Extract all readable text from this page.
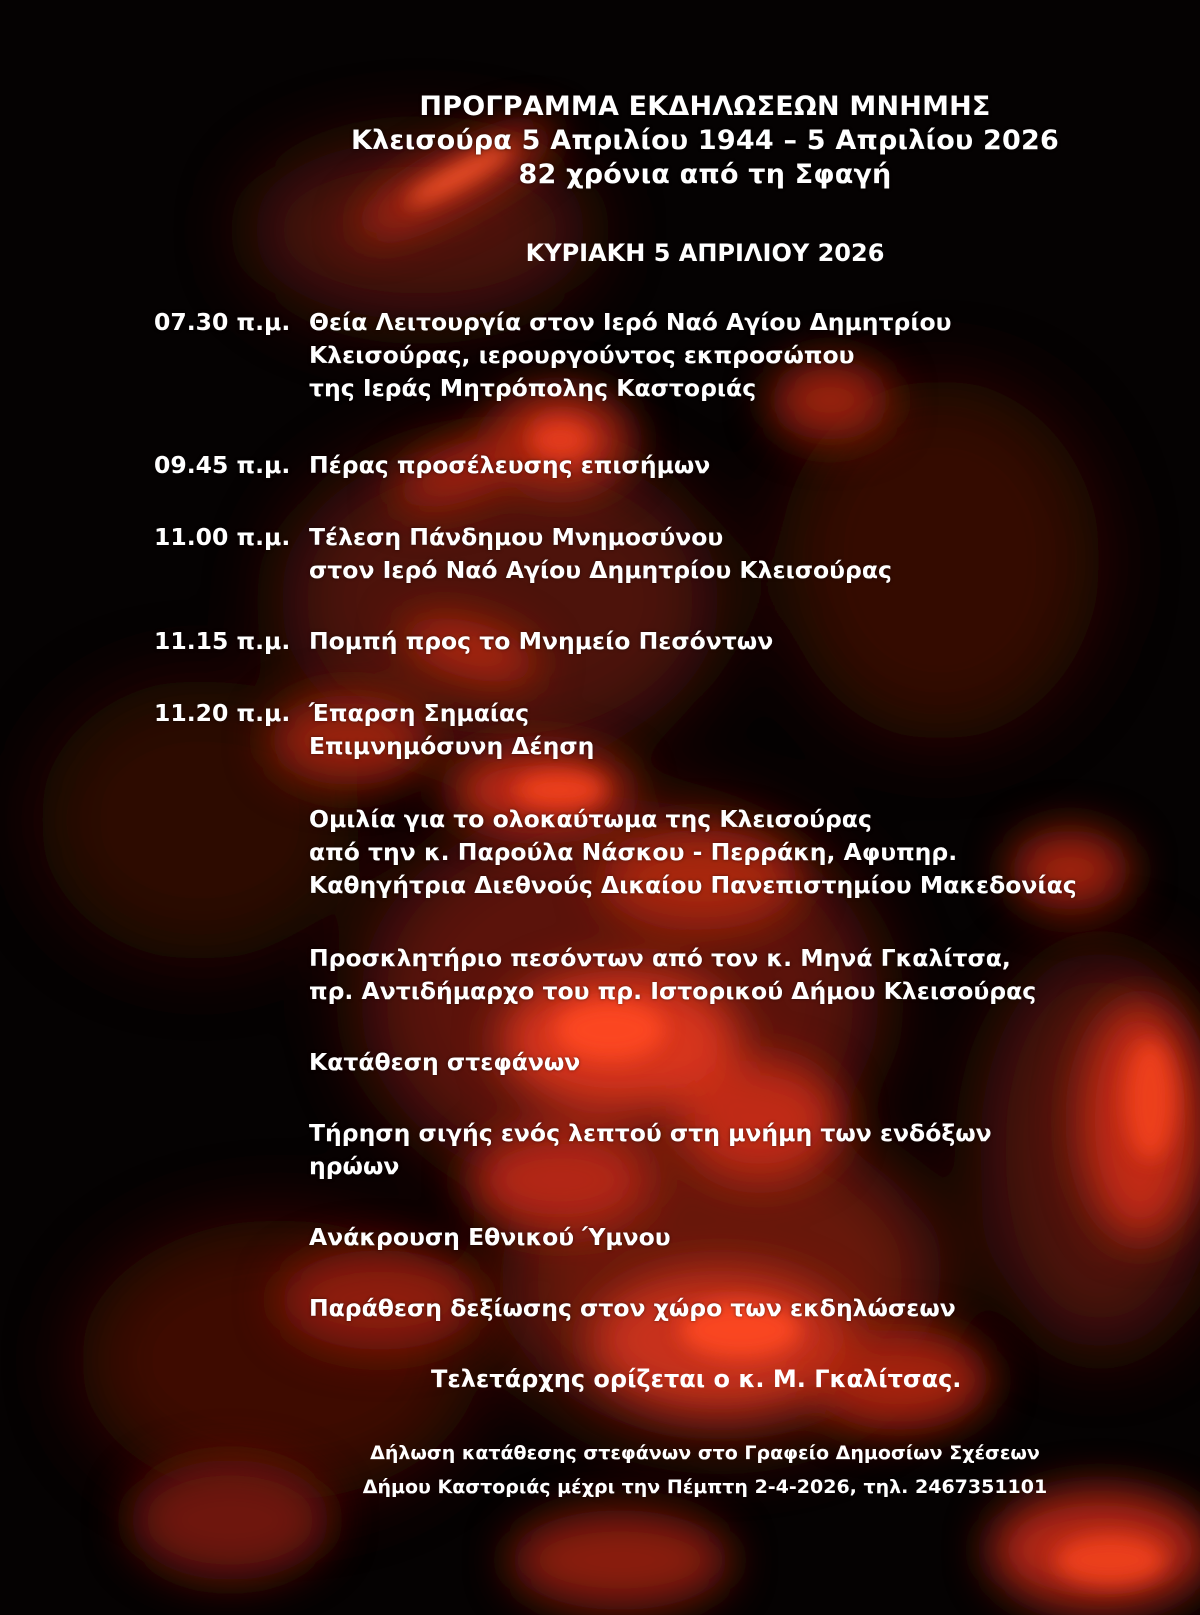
ΠΡΟΓΡΑΜΜΑ ΕΚΔΗΛΩΣΕΩΝ ΜΝΗΜΗΣ
Κλεισούρα 5 Απριλίου 1944 – 5 Απριλίου 2026
82 χρόνια από τη Σφαγή
ΚΥΡΙΑΚΗ 5 ΑΠΡΙΛΙΟΥ 2026
07.30 π.μ. Θεία Λειτουργία στον Ιερό Ναό Αγίου Δημητρίου
Κλεισούρας, ιερουργούντος εκπροσώπου
της Ιεράς Μητρόπολης Καστοριάς
09.45 π.μ. Πέρας προσέλευσης επισήμων
11.00 π.μ. Τέλεση Πάνδημου Μνημοσύνου
στον Ιερό Ναό Αγίου Δημητρίου Κλεισούρας
11.15 π.μ. Πομπή προς το Μνημείο Πεσόντων
11.20 π.μ. Έπαρση Σημαίας
Επιμνημόσυνη Δέηση
Ομιλία για το ολοκαύτωμα της Κλεισούρας
από την κ. Παρούλα Νάσκου - Περράκη, Αφυπηρ.
Καθηγήτρια Διεθνούς Δικαίου Πανεπιστημίου Μακεδονίας
Προσκλητήριο πεσόντων από τον κ. Μηνά Γκαλίτσα,
πρ. Αντιδήμαρχο του πρ. Ιστορικού Δήμου Κλεισούρας
Κατάθεση στεφάνων
Τήρηση σιγής ενός λεπτού στη μνήμη των ενδόξων
ηρώων
Ανάκρουση Εθνικού Ύμνου
Παράθεση δεξίωσης στον χώρο των εκδηλώσεων
Τελετάρχης ορίζεται ο κ. Μ. Γκαλίτσας.
Δήλωση κατάθεσης στεφάνων στο Γραφείο Δημοσίων Σχέσεων
Δήμου Καστοριάς μέχρι την Πέμπτη 2-4-2026, τηλ. 2467351101
